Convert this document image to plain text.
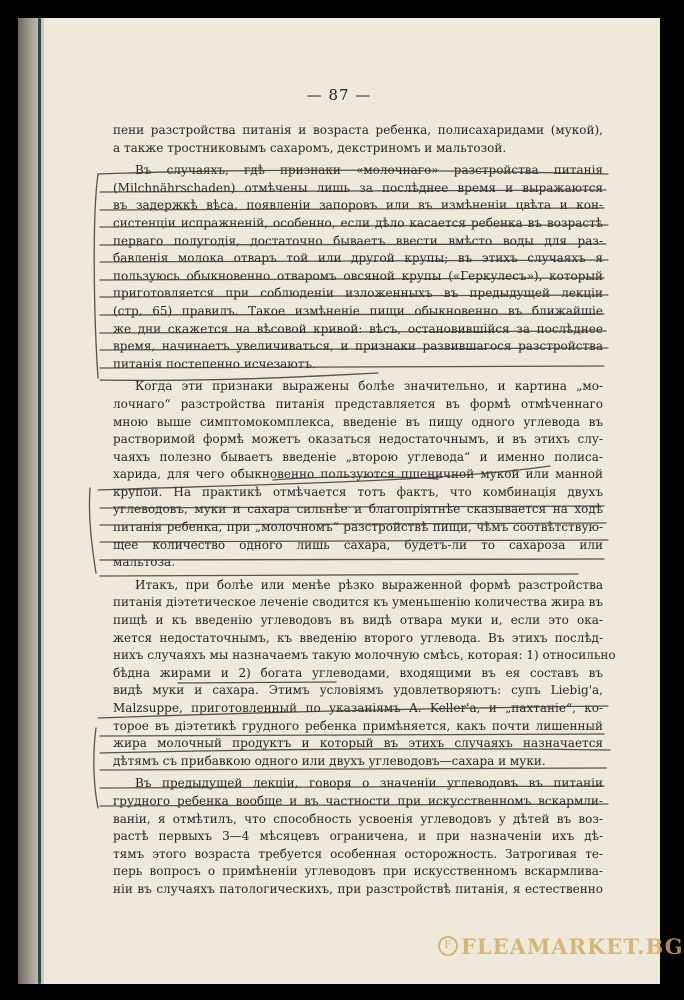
— 87 —
пени разстройства питанія и возраста ребенка, полисахаридами (мукой),
а также тростниковымъ сахаромъ, декстриномъ и мальтозой.
Въ случаяхъ, гдѣ признаки «молочнаго» разстройства питанія
(Milchnährschaden) отмѣчены лишь за послѣднее время и выражаются
въ задержкѣ вѣса, появленіи запоровъ или въ измѣненіи цвѣта и кон-
систенціи испражненій, особенно, если дѣло касается ребенка въ возрастѣ
перваго полугодія, достаточно бываетъ ввести вмѣсто воды для раз-
бавленія молока отваръ той или другой крупы; въ этихъ случаяхъ я
пользуюсь обыкновенно отваромъ овсяной крупы («Геркулесъ»), который
приготовляется при соблюденіи изложенныхъ въ предыдущей лекціи
(стр. 65) правилъ. Такое измѣненіе пищи обыкновенно въ ближайшіе
же дни скажется на вѣсовой кривой: вѣсъ, остановившійся за послѣднее
время, начинаетъ увеличиваться, и признаки развившагося разстройства
питанія постепенно исчезаютъ.
Когда эти признаки выражены болѣе значительно, и картина „мо-
лочнаго“ разстройства питанія представляется въ формѣ отмѣченнаго
мною выше симптомокомплекса, введеніе въ пищу одного углевода въ
растворимой формѣ можетъ оказаться недостаточнымъ, и въ этихъ слу-
чаяхъ полезно бываетъ введеніе „второю углевода“ и именно полиса-
харида, для чего обыкновенно пользуются пшеничной мукой или манной
крупой. На практикѣ отмѣчается тотъ фактъ, что комбинація двухъ
углеводовъ, муки и сахара сильнѣе и благопріятнѣе сказывается на ходѣ
питанія ребенка, при „молочномъ“ разстройствѣ пищи, чѣмъ соотвѣтствую-
щее количество одного лишь сахара, будетъ-ли то сахароза или
мальтоза.
Итакъ, при болѣе или менѣе рѣзко выраженной формѣ разстройства
питанія діэтетическое леченіе сводится къ уменьшенію количества жира въ
пищѣ и къ введенію углеводовъ въ видѣ отвара муки и, если это ока-
жется недостаточнымъ, къ введенію второго углевода. Въ этихъ послѣд-
нихъ случаяхъ мы назначаемъ такую молочную смѣсь, которая: 1) относильно
бѣдна жирами и 2) богата углеводами, входящими въ ея составъ въ
видѣ муки и сахара. Этимъ условіямъ удовлетворяютъ: супъ Liebig'а,
Malzsuppe, приготовленный по указаніямъ A. Keller'а, и „пахтаніе“, ко-
торое въ діэтетикѣ грудного ребенка примѣняется, какъ почти лишенный
жира молочный продуктъ и который въ этихъ случаяхъ назначается
дѣтямъ съ прибавкою одного или двухъ углеводовъ—сахара и муки.
Въ предыдущей лекціи, говоря о значеніи углеводовъ въ питаніи
грудного ребенка вообще и въ частности при искусственномъ вскармли-
ваніи, я отмѣтилъ, что способность усвоенія углеводовъ у дѣтей въ воз-
растѣ первыхъ 3—4 мѣсяцевъ ограничена, и при назначеніи ихъ дѣ-
тямъ этого возраста требуется особенная осторожность. Затрогивая те-
перь вопросъ о примѣненіи углеводовъ при искусственномъ вскармлива-
ніи въ случаяхъ патологическихъ, при разстройствѣ питанія, я естественно
F FLEAMARKET.BG
